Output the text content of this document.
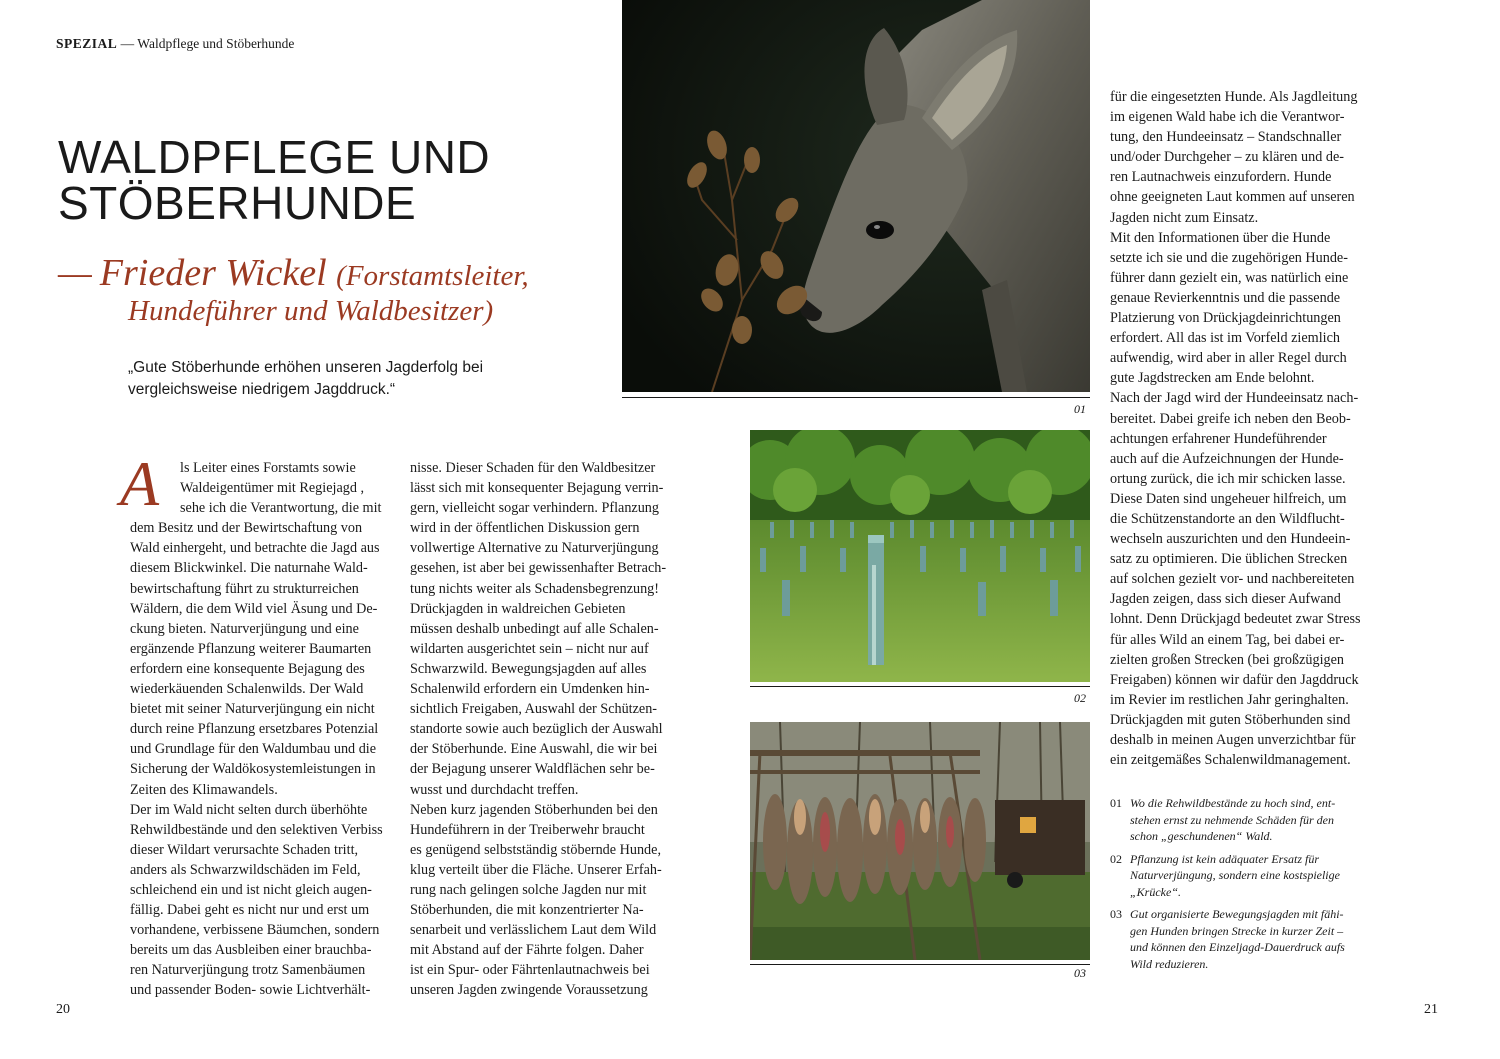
SPEZIAL — Waldpflege und Stöberhunde
WALDPFLEGE UND
STÖBERHUNDE
— Frieder Wickel (Forstamtsleiter,
Hundeführer und Waldbesitzer)
„Gute Stöberhunde erhöhen unseren Jagderfolg bei
vergleichsweise niedrigem Jagddruck.“
A	ls Leiter eines Forstamts sowie
Waldeigentümer mit Regiejagd ,
sehe ich die Verantwortung, die mit
dem Besitz und der Bewirtschaftung von
Wald einhergeht, und betrachte die Jagd aus
diesem Blickwinkel. Die naturnahe Wald-
bewirtschaftung führt zu strukturreichen
Wäldern, die dem Wild viel Äsung und De-
ckung bieten. Naturverjüngung und eine
ergänzende Pflanzung weiterer Baumarten
erfordern eine konsequente Bejagung des
wiederkäuenden Schalenwilds. Der Wald
bietet mit seiner Naturverjüngung ein nicht
durch reine Pflanzung ersetzbares Potenzial
und Grundlage für den Waldumbau und die
Sicherung der Waldökosystemleistungen in
Zeiten des Klimawandels.
Der im Wald nicht selten durch überhöhte
Rehwildbestände und den selektiven Verbiss
dieser Wildart verursachte Schaden tritt,
anders als Schwarzwildschäden im Feld,
schleichend ein und ist nicht gleich augen-
fällig. Dabei geht es nicht nur und erst um
vorhandene, verbissene Bäumchen, sondern
bereits um das Ausbleiben einer brauchba-
ren Naturverjüngung trotz Samenbäumen
und passender Boden- sowie Lichtverhält-
nisse. Dieser Schaden für den Waldbesitzer
lässt sich mit konsequenter Bejagung verrin-
gern, vielleicht sogar verhindern. Pflanzung
wird in der öffentlichen Diskussion gern
vollwertige Alternative zu Naturverjüngung
gesehen, ist aber bei gewissenhafter Betrach-
tung nichts weiter als Schadensbegrenzung!
Drückjagden in waldreichen Gebieten
müssen deshalb unbedingt auf alle Schalen-
wildarten ausgerichtet sein – nicht nur auf
Schwarzwild. Bewegungsjagden auf alles
Schalenwild erfordern ein Umdenken hin-
sichtlich Freigaben, Auswahl der Schützen-
standorte sowie auch bezüglich der Auswahl
der Stöberhunde. Eine Auswahl, die wir bei
der Bejagung unserer Waldflächen sehr be-
wusst und durchdacht treffen.
Neben kurz jagenden Stöberhunden bei den
Hundeführern in der Treiberwehr braucht
es genügend selbstständig stöbernde Hunde,
klug verteilt über die Fläche. Unserer Erfah-
rung nach gelingen solche Jagden nur mit
Stöberhunden, die mit konzentrierter Na-
senarbeit und verlässlichem Laut dem Wild
mit Abstand auf der Fährte folgen. Daher
ist ein Spur- oder Fährtenlautnachweis bei
unseren Jagden zwingende Voraussetzung
für die eingesetzten Hunde. Als Jagdleitung
im eigenen Wald habe ich die Verantwor-
tung, den Hundeeinsatz – Standschnaller
und/oder Durchgeher – zu klären und de-
ren Lautnachweis einzufordern. Hunde
ohne geeigneten Laut kommen auf unseren
Jagden nicht zum Einsatz.
Mit den Informationen über die Hunde
setzte ich sie und die zugehörigen Hunde-
führer dann gezielt ein, was natürlich eine
genaue Revierkenntnis und die passende
Platzierung von Drückjagdeinrichtungen
erfordert. All das ist im Vorfeld ziemlich
aufwendig, wird aber in aller Regel durch
gute Jagdstrecken am Ende belohnt.
Nach der Jagd wird der Hundeeinsatz nach-
bereitet. Dabei greife ich neben den Beob-
achtungen erfahrener Hundeführender
auch auf die Aufzeichnungen der Hunde-
ortung zurück, die ich mir schicken lasse.
Diese Daten sind ungeheuer hilfreich, um
die Schützenstandorte an den Wildflucht-
wechseln auszurichten und den Hundeein-
satz zu optimieren. Die üblichen Strecken
auf solchen gezielt vor- und nachbereiteten
Jagden zeigen, dass sich dieser Aufwand
lohnt. Denn Drückjagd bedeutet zwar Stress
für alles Wild an einem Tag, bei dabei er-
zielten großen Strecken (bei großzügigen
Freigaben) können wir dafür den Jagddruck
im Revier im restlichen Jahr geringhalten.
Drückjagden mit guten Stöberhunden sind
deshalb in meinen Augen unverzichtbar für
ein zeitgemäßes Schalenwildmanagement.
01
02
03
01 Wo die Rehwildbestände zu hoch sind, ent-
stehen ernst zu nehmende Schäden für den
schon „geschundenen“ Wald.
02 Pflanzung ist kein adäquater Ersatz für
Naturverjüngung, sondern eine kostspielige
„Krücke“.
03 Gut organisierte Bewegungsjagden mit fähi-
gen Hunden bringen Strecke in kurzer Zeit –
und können den Einzeljagd-Dauerdruck aufs
Wild reduzieren.
20	21
